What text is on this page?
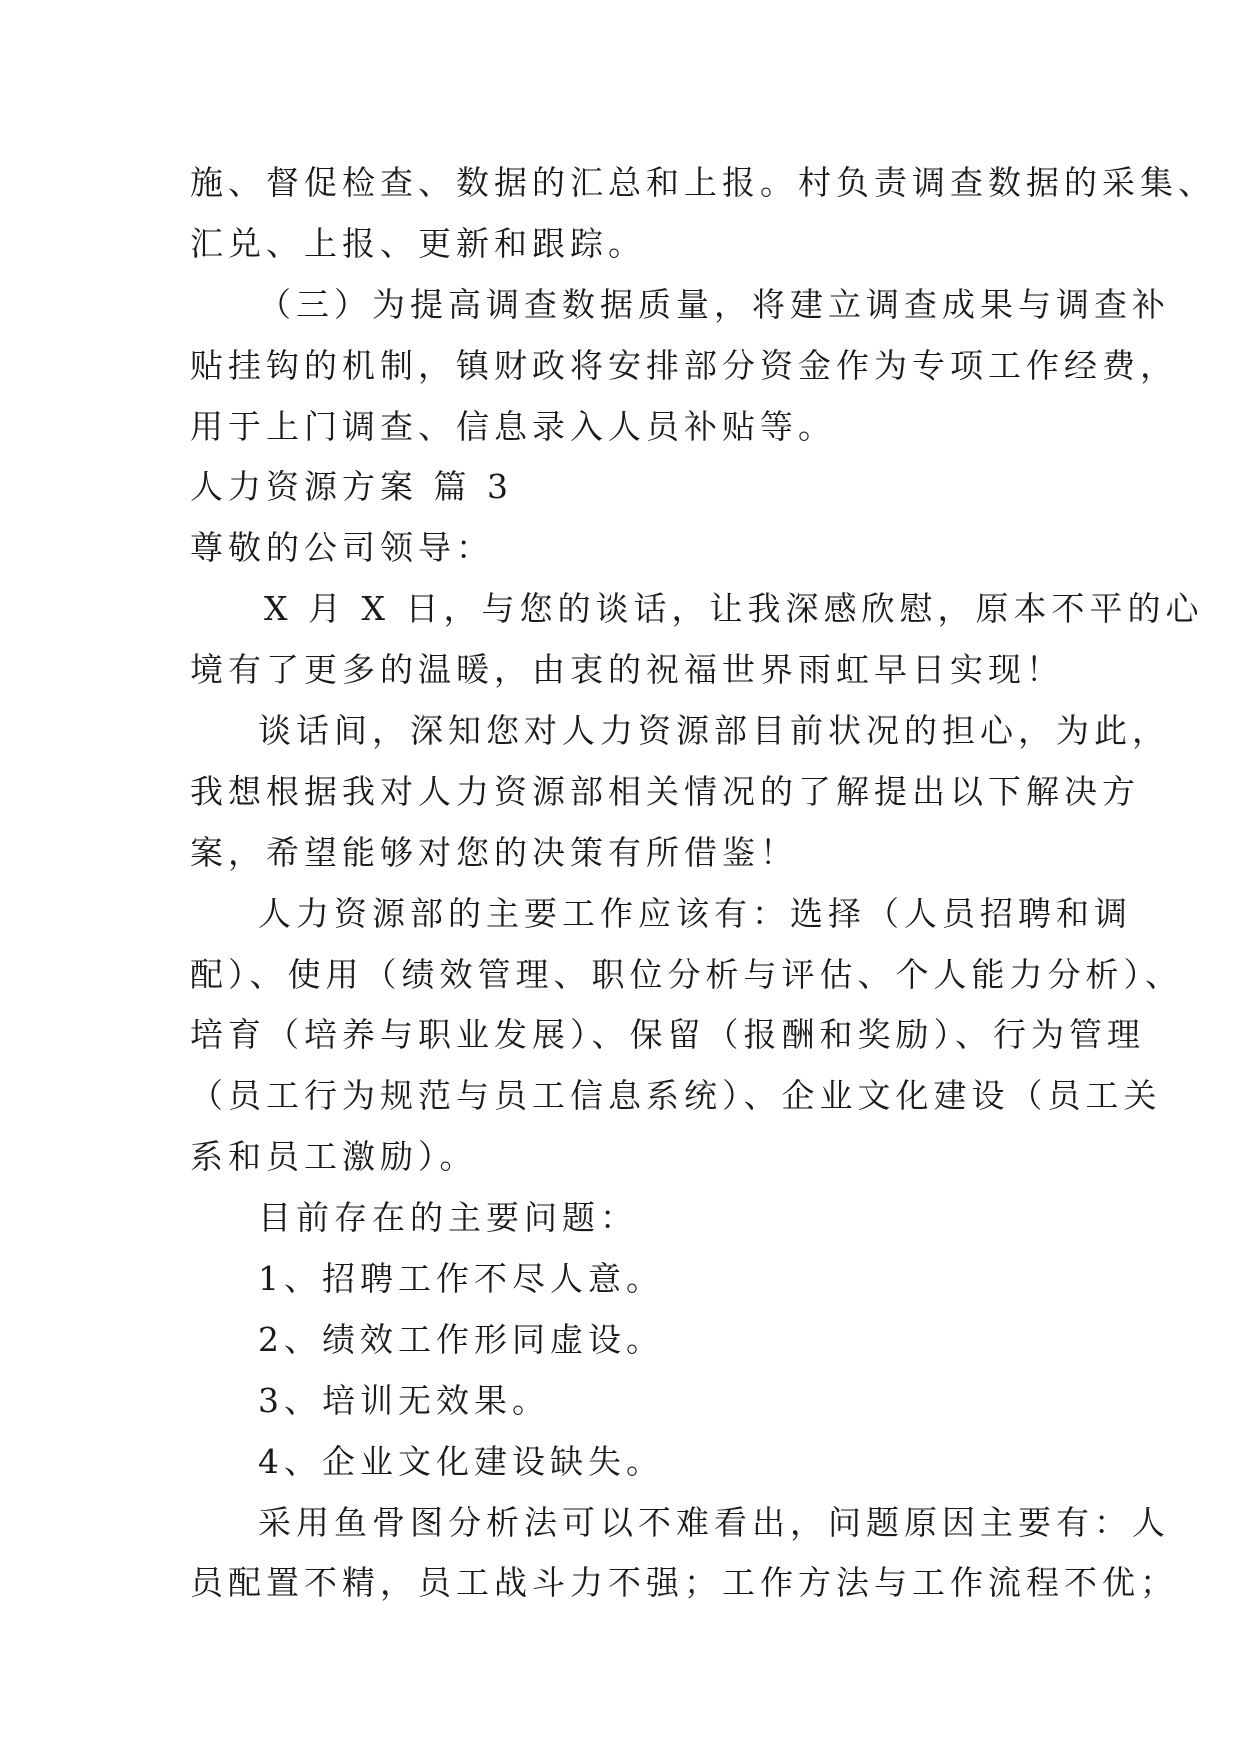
施、督促检查、数据的汇总和上报。村负责调查数据的采集、
汇兑、上报、更新和跟踪。
（三）为提高调查数据质量，将建立调查成果与调查补
贴挂钩的机制，镇财政将安排部分资金作为专项工作经费，
用于上门调查、信息录入人员补贴等。
人力资源方案 篇 3
尊敬的公司领导：
X 月 X 日，与您的谈话，让我深感欣慰，原本不平的心
境有了更多的温暖，由衷的祝福世界雨虹早日实现！
谈话间，深知您对人力资源部目前状况的担心，为此，
我想根据我对人力资源部相关情况的了解提出以下解决方
案，希望能够对您的决策有所借鉴！
人力资源部的主要工作应该有：选择（人员招聘和调
配）、使用（绩效管理、职位分析与评估、个人能力分析）、
培育（培养与职业发展）、保留（报酬和奖励）、行为管理
（员工行为规范与员工信息系统）、企业文化建设（员工关
系和员工激励）。
目前存在的主要问题：
1、招聘工作不尽人意。
2、绩效工作形同虚设。
3、培训无效果。
4、企业文化建设缺失。
采用鱼骨图分析法可以不难看出，问题原因主要有：人
员配置不精，员工战斗力不强；工作方法与工作流程不优；
